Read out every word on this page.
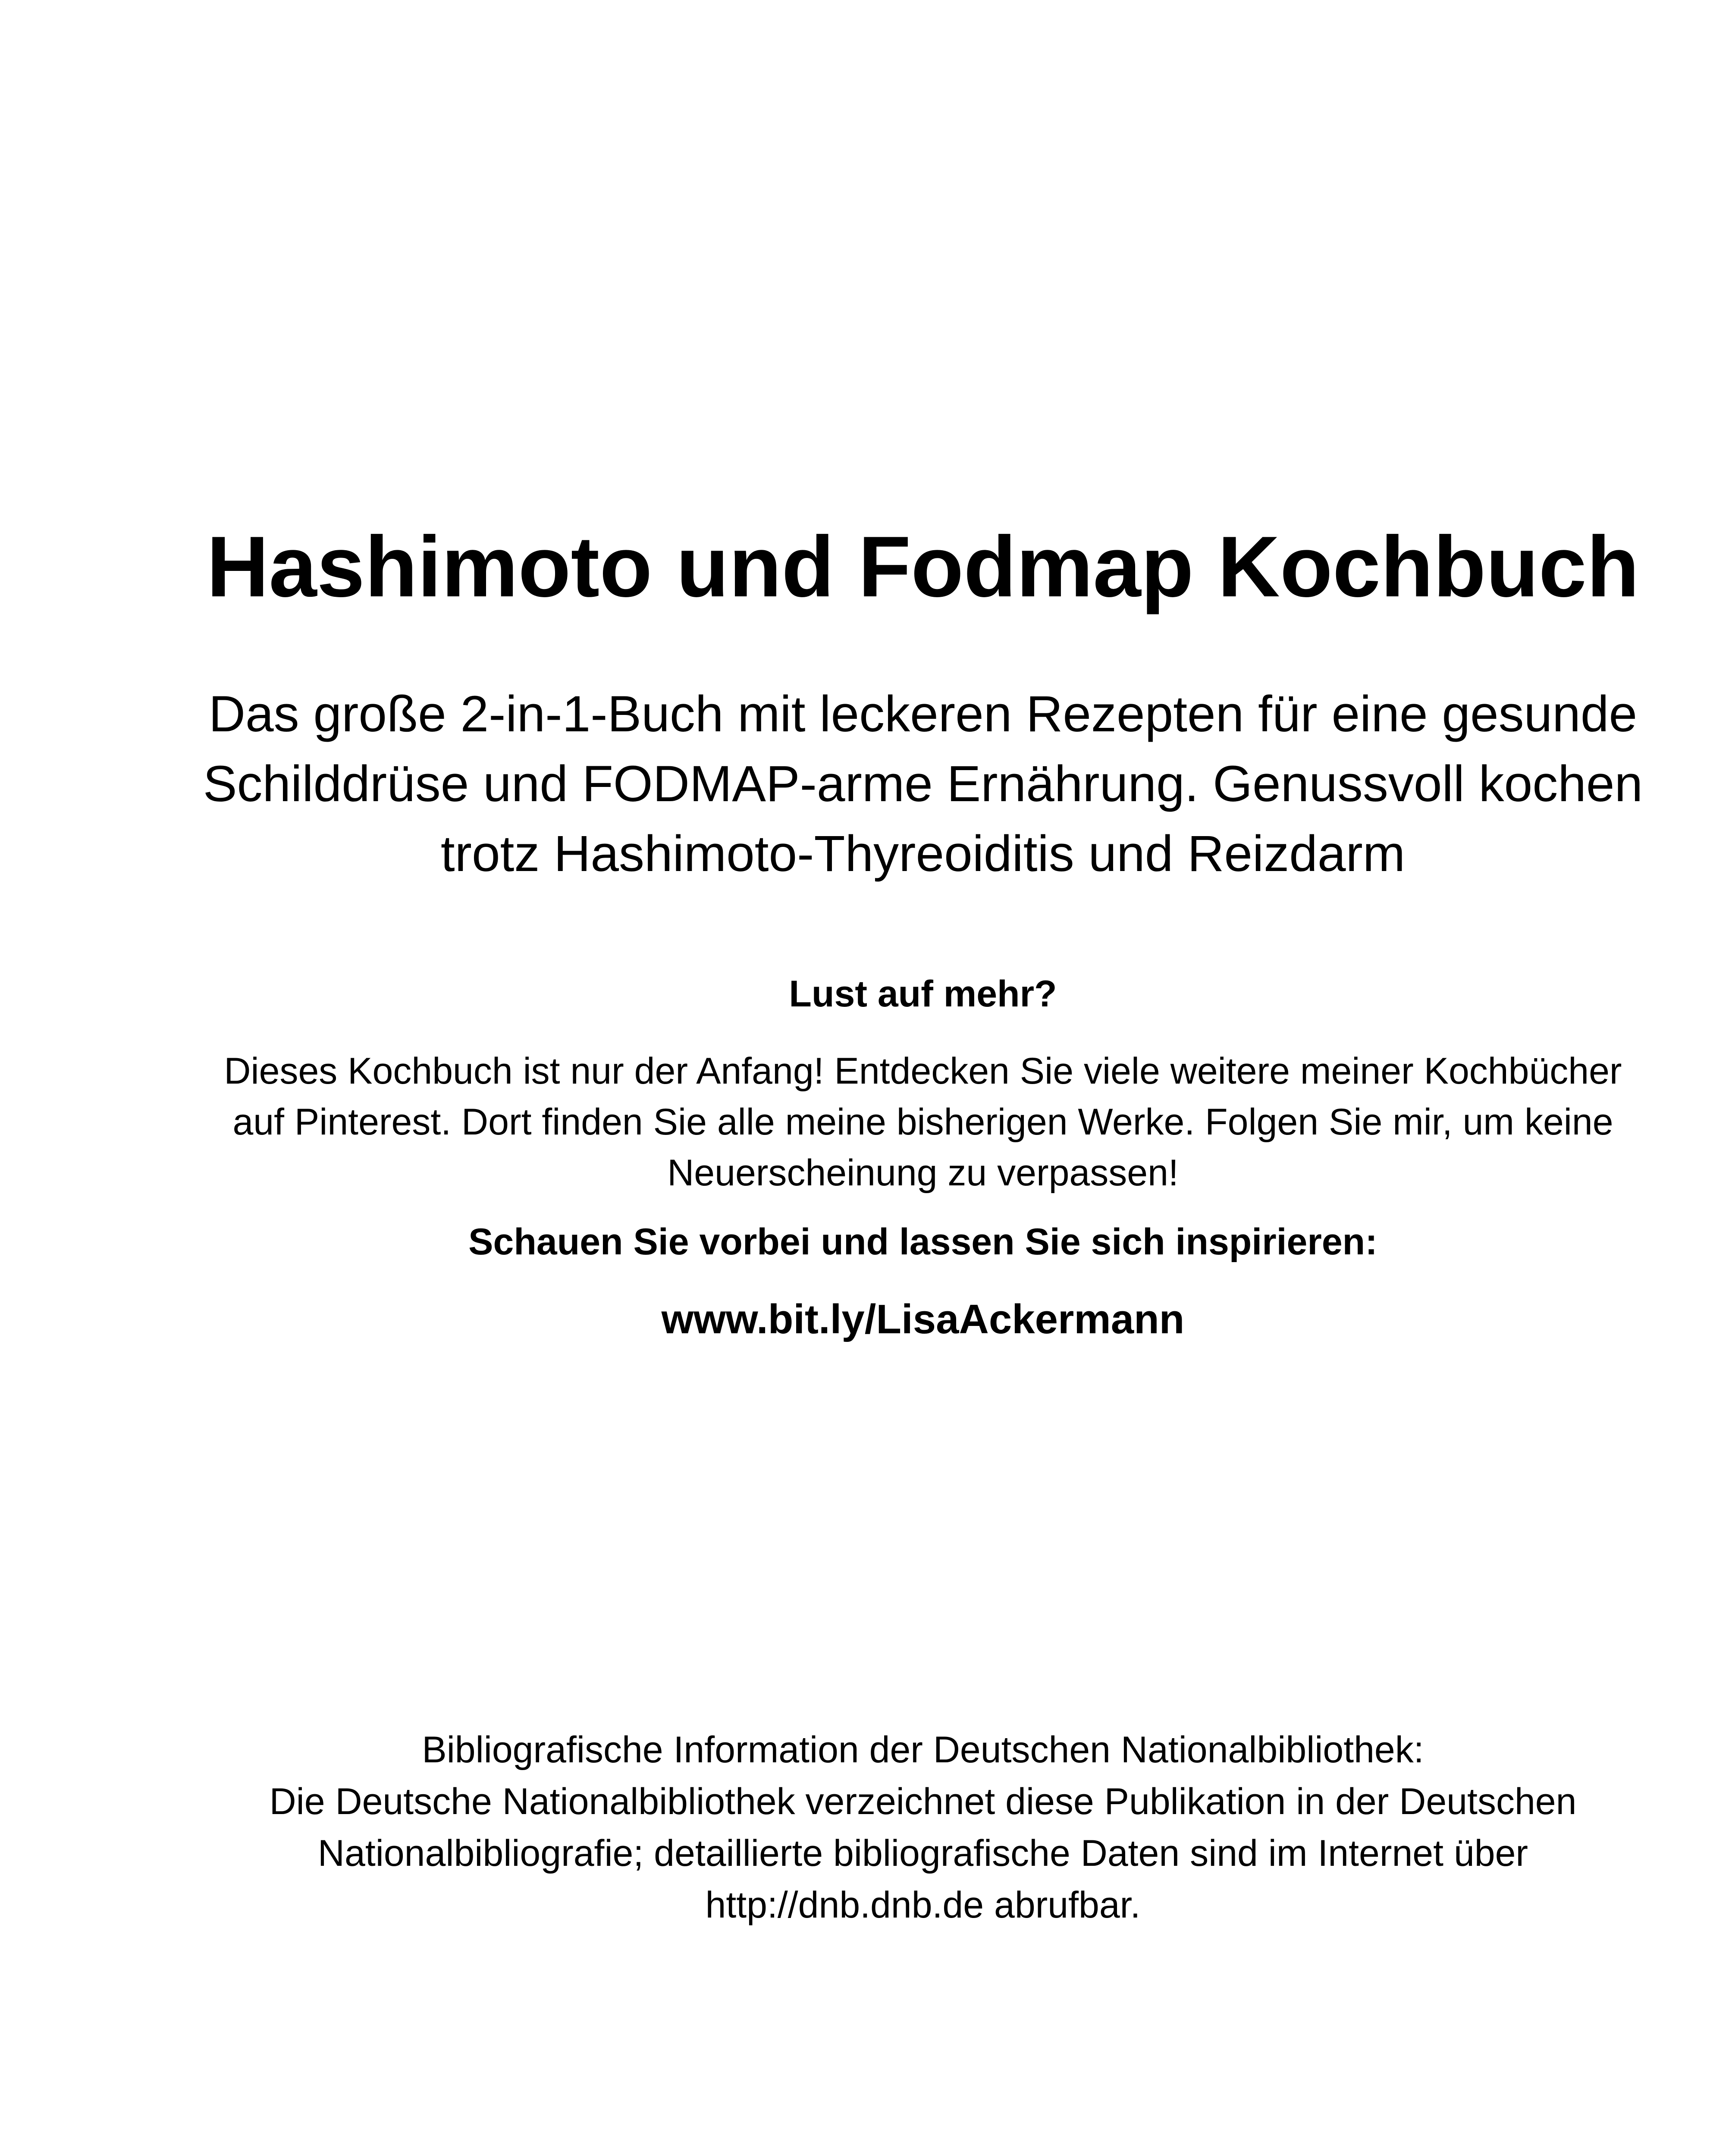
Hashimoto und Fodmap Kochbuch
Das große 2-in-1-Buch mit leckeren Rezepten für eine gesunde
Schilddrüse und FODMAP-arme Ernährung. Genussvoll kochen
trotz Hashimoto-Thyreoiditis und Reizdarm
Lust auf mehr?
Dieses Kochbuch ist nur der Anfang! Entdecken Sie viele weitere meiner Kochbücher
auf Pinterest. Dort finden Sie alle meine bisherigen Werke. Folgen Sie mir, um keine
Neuerscheinung zu verpassen!
Schauen Sie vorbei und lassen Sie sich inspirieren:
www.bit.ly/LisaAckermann
Bibliografische Information der Deutschen Nationalbibliothek:
Die Deutsche Nationalbibliothek verzeichnet diese Publikation in der Deutschen
Nationalbibliografie; detaillierte bibliografische Daten sind im Internet über
http://dnb.dnb.de abrufbar.
